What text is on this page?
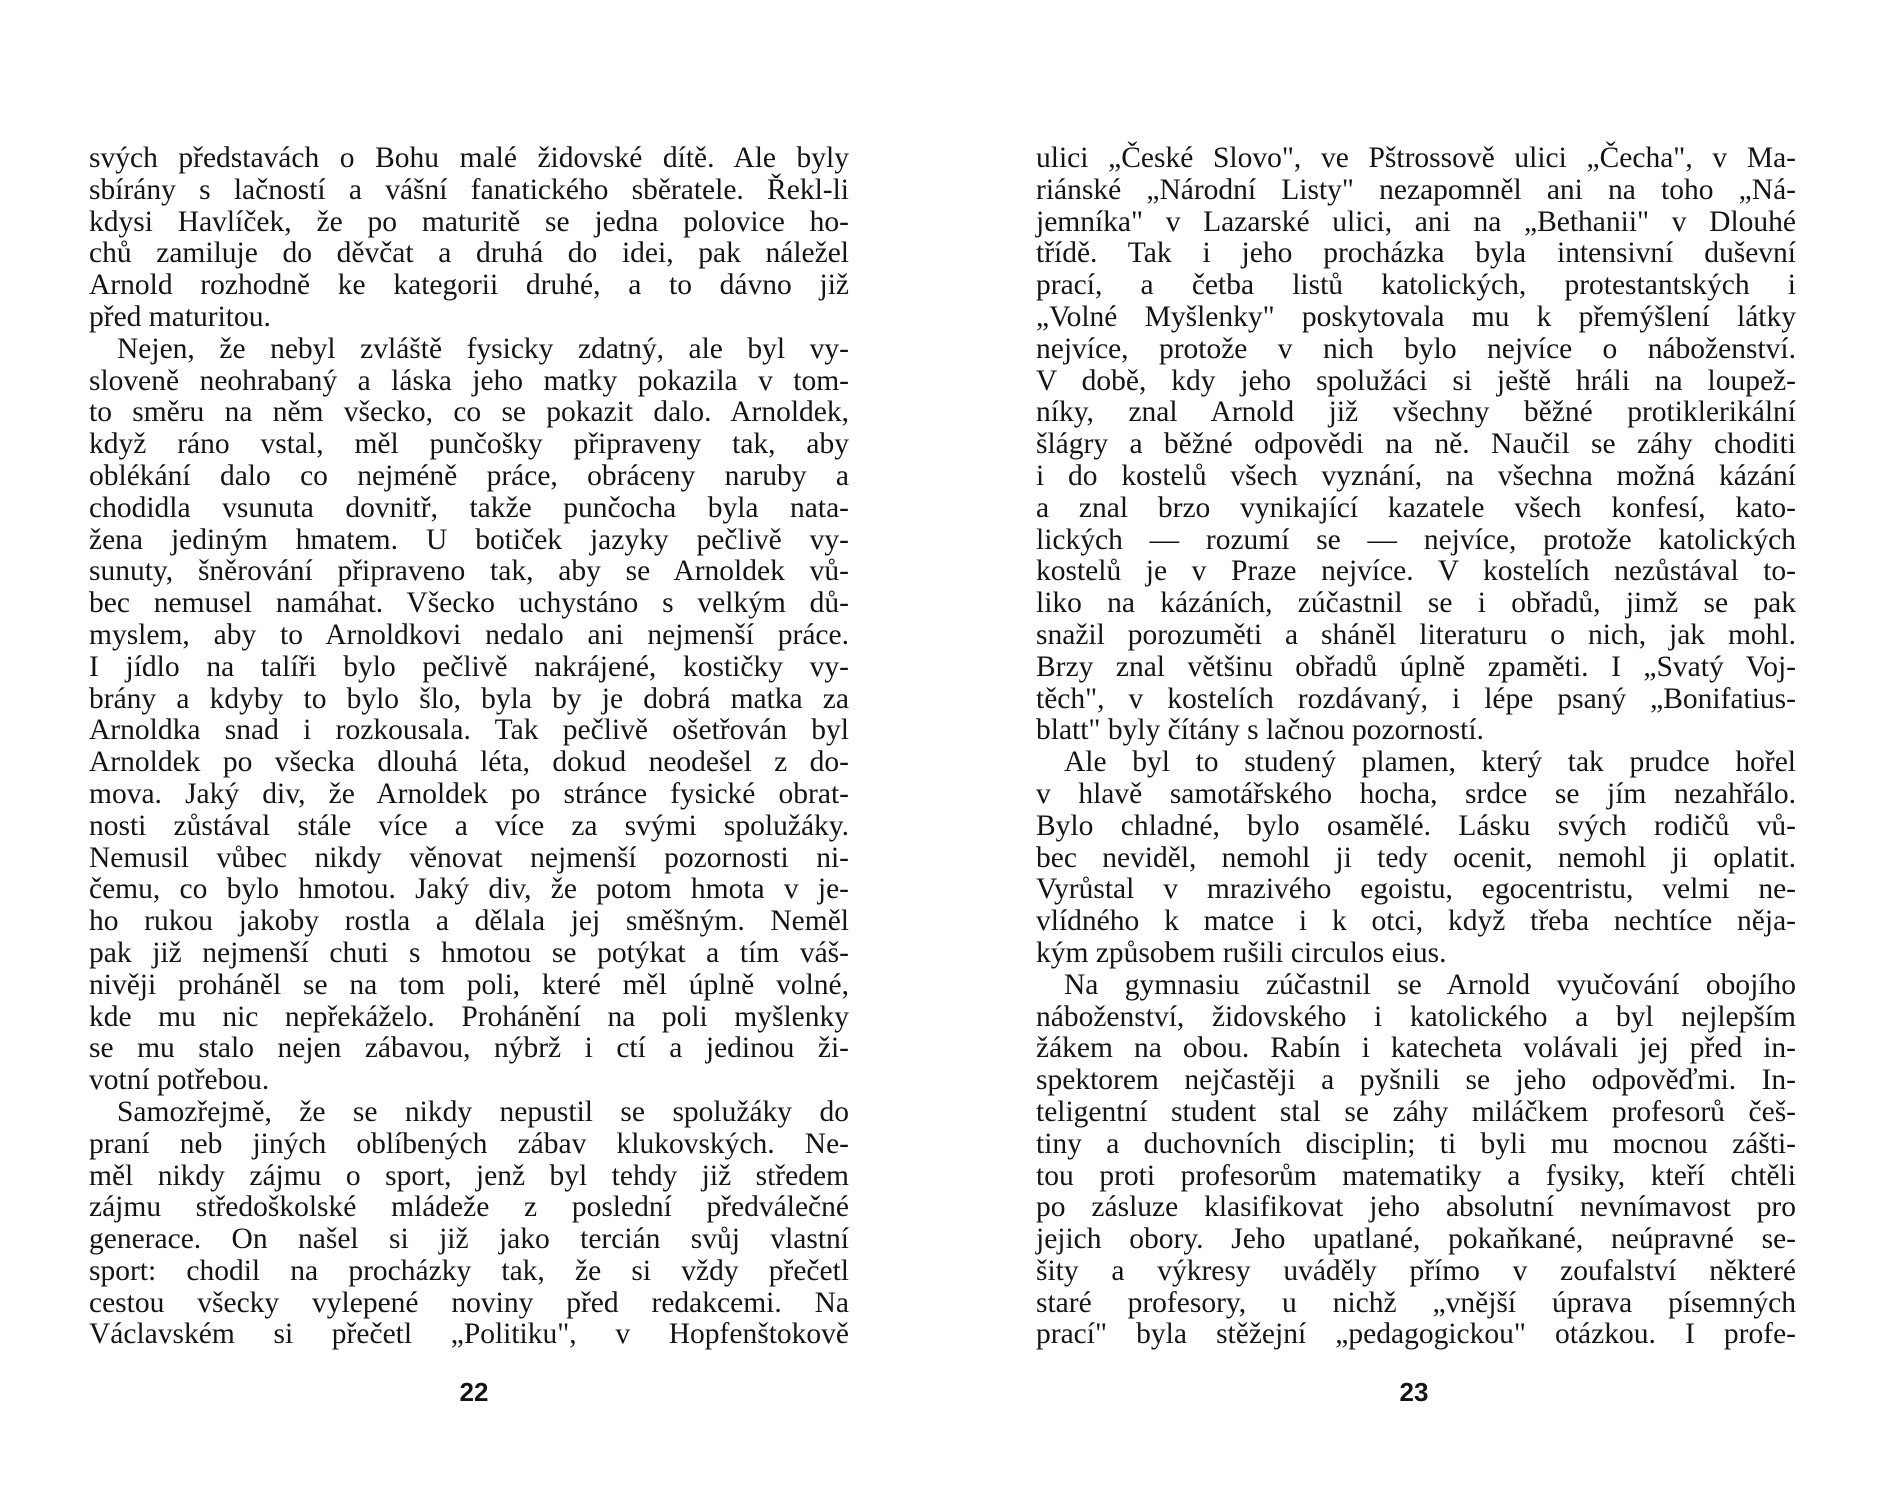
svých představách o Bohu malé židovské dítě. Ale byly
sbírány s lačností a vášní fanatického sběratele. Řekl-li
kdysi Havlíček, že po maturitě se jedna polovice ho-
chů zamiluje do děvčat a druhá do idei, pak náležel
Arnold rozhodně ke kategorii druhé, a to dávno již
před maturitou.
Nejen, že nebyl zvláště fysicky zdatný, ale byl vy-
sloveně neohrabaný a láska jeho matky pokazila v tom-
to směru na něm všecko, co se pokazit dalo. Arnoldek,
když ráno vstal, měl punčošky připraveny tak, aby
oblékání dalo co nejméně práce, obráceny naruby a
chodidla vsunuta dovnitř, takže punčocha byla nata-
žena jediným hmatem. U botiček jazyky pečlivě vy-
sunuty, šněrování připraveno tak, aby se Arnoldek vů-
bec nemusel namáhat. Všecko uchystáno s velkým dů-
myslem, aby to Arnoldkovi nedalo ani nejmenší práce.
I jídlo na talíři bylo pečlivě nakrájené, kostičky vy-
brány a kdyby to bylo šlo, byla by je dobrá matka za
Arnoldka snad i rozkousala. Tak pečlivě ošetřován byl
Arnoldek po všecka dlouhá léta, dokud neodešel z do-
mova. Jaký div, že Arnoldek po stránce fysické obrat-
nosti zůstával stále více a více za svými spolužáky.
Nemusil vůbec nikdy věnovat nejmenší pozornosti ni-
čemu, co bylo hmotou. Jaký div, že potom hmota v je-
ho rukou jakoby rostla a dělala jej směšným. Neměl
pak již nejmenší chuti s hmotou se potýkat a tím váš-
nivěji proháněl se na tom poli, které měl úplně volné,
kde mu nic nepřekáželo. Prohánění na poli myšlenky
se mu stalo nejen zábavou, nýbrž i ctí a jedinou ži-
votní potřebou.
Samozřejmě, že se nikdy nepustil se spolužáky do
praní neb jiných oblíbených zábav klukovských. Ne-
měl nikdy zájmu o sport, jenž byl tehdy již středem
zájmu středoškolské mládeže z poslední předválečné
generace. On našel si již jako tercián svůj vlastní
sport: chodil na procházky tak, že si vždy přečetl
cestou všecky vylepené noviny před redakcemi. Na
Václavském si přečetl „Politiku", v Hopfenštokově
22
ulici „České Slovo", ve Pštrossově ulici „Čecha", v Ma-
riánské „Národní Listy" nezapomněl ani na toho „Ná-
jemníka" v Lazarské ulici, ani na „Bethanii" v Dlouhé
třídě. Tak i jeho procházka byla intensivní duševní
prací, a četba listů katolických, protestantských i
„Volné Myšlenky" poskytovala mu k přemýšlení látky
nejvíce, protože v nich bylo nejvíce o náboženství.
V době, kdy jeho spolužáci si ještě hráli na loupež-
níky, znal Arnold již všechny běžné protiklerikální
šlágry a běžné odpovědi na ně. Naučil se záhy choditi
i do kostelů všech vyznání, na všechna možná kázání
a znal brzo vynikající kazatele všech konfesí, kato-
lických — rozumí se — nejvíce, protože katolických
kostelů je v Praze nejvíce. V kostelích nezůstával to-
liko na kázáních, zúčastnil se i obřadů, jimž se pak
snažil porozuměti a sháněl literaturu o nich, jak mohl.
Brzy znal většinu obřadů úplně zpaměti. I „Svatý Voj-
těch", v kostelích rozdávaný, i lépe psaný „Bonifatius-
blatt" byly čítány s lačnou pozorností.
Ale byl to studený plamen, který tak prudce hořel
v hlavě samotářského hocha, srdce se jím nezahřálo.
Bylo chladné, bylo osamělé. Lásku svých rodičů vů-
bec neviděl, nemohl ji tedy ocenit, nemohl ji oplatit.
Vyrůstal v mrazivého egoistu, egocentristu, velmi ne-
vlídného k matce i k otci, když třeba nechtíce něja-
kým způsobem rušili circulos eius.
Na gymnasiu zúčastnil se Arnold vyučování obojího
náboženství, židovského i katolického a byl nejlepším
žákem na obou. Rabín i katecheta volávali jej před in-
spektorem nejčastěji a pyšnili se jeho odpověďmi. In-
teligentní student stal se záhy miláčkem profesorů češ-
tiny a duchovních disciplin; ti byli mu mocnou zášti-
tou proti profesorům matematiky a fysiky, kteří chtěli
po zásluze klasifikovat jeho absolutní nevnímavost pro
jejich obory. Jeho upatlané, pokaňkané, neúpravné se-
šity a výkresy uváděly přímo v zoufalství některé
staré profesory, u nichž „vnější úprava písemných
prací" byla stěžejní „pedagogickou" otázkou. I profe-
23
